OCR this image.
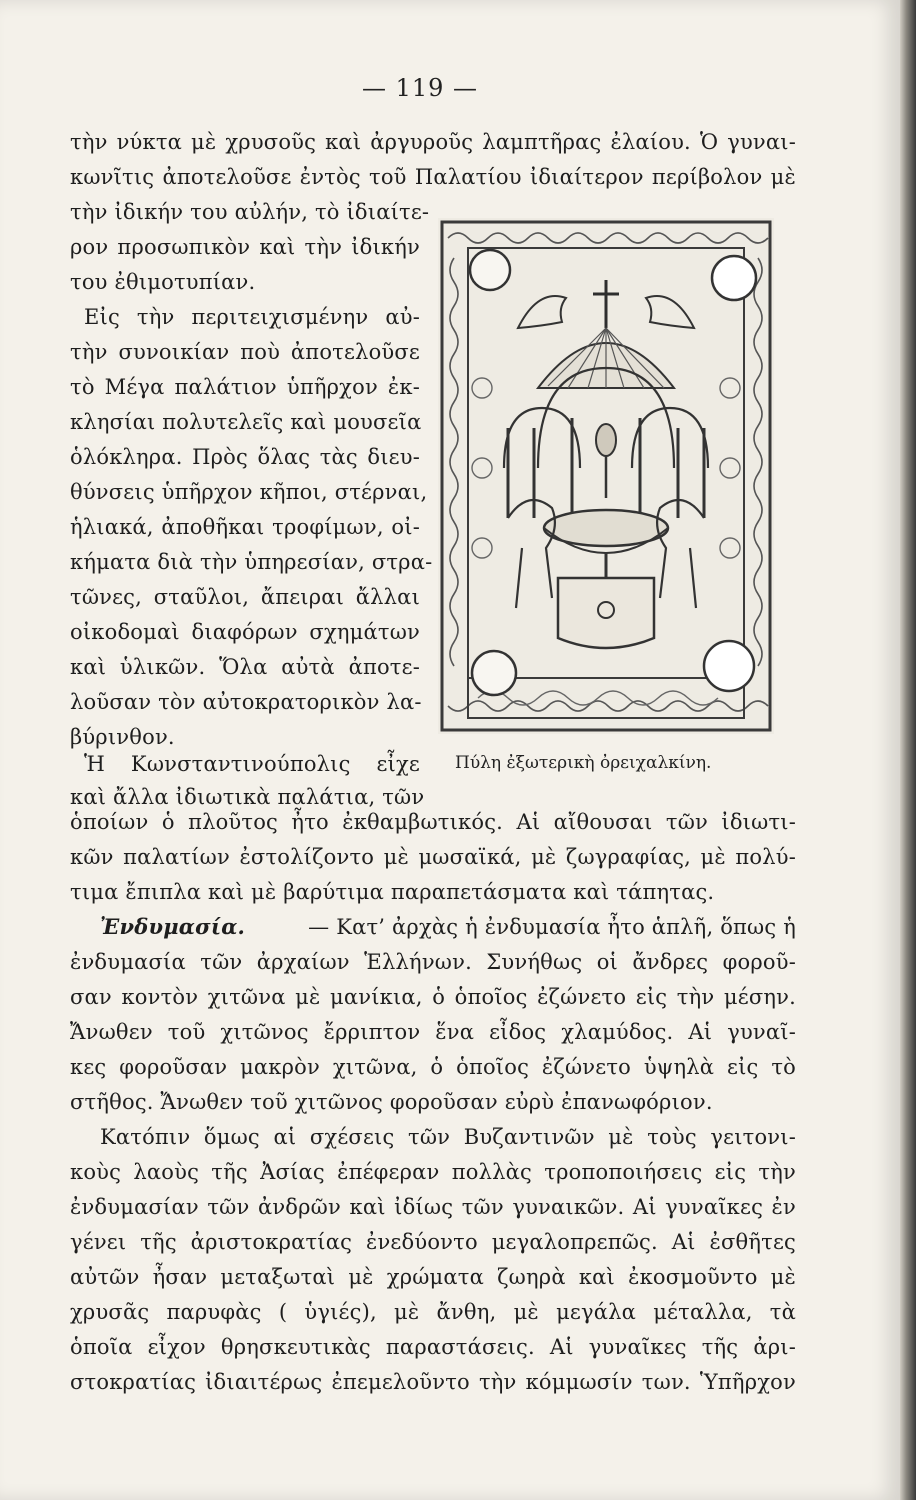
— 119 —
τὴν νύκτα μὲ χρυσοῦς καὶ ἀργυροῦς λαμπτῆρας ἐλαίου. Ὁ γυναι-
κωνῖτις ἀποτελοῦσε ἐντὸς τοῦ Παλατίου ἰδιαίτερον περίβολον μὲ
τὴν ἰδικήν του αὐλήν, τὸ ἰδιαίτε-
ρον προσωπικὸν καὶ τὴν ἰδικήν
του ἐθιμοτυπίαν.
Εἰς τὴν περιτειχισμένην αὐ-
τὴν συνοικίαν ποὺ ἀποτελοῦσε
τὸ Μέγα παλάτιον ὑπῆρχον ἐκ-
κλησίαι πολυτελεῖς καὶ μουσεῖα
ὁλόκληρα. Πρὸς ὅλας τὰς διευ-
θύνσεις ὑπῆρχον κῆποι, στέρναι,
ἡλιακά, ἀποθῆκαι τροφίμων, οἰ-
κήματα διὰ τὴν ὑπηρεσίαν, στρα-
τῶνες, σταῦλοι, ἄπειραι ἄλλαι
οἰκοδομαὶ διαφόρων σχημάτων
καὶ ὑλικῶν. Ὅλα αὐτὰ ἀποτε-
λοῦσαν τὸν αὐτοκρατορικὸν λα-
βύρινθον.
Ἡ Κωνσταντινούπολις εἶχε
καὶ ἄλλα ἰδιωτικὰ παλάτια, τῶν
Πύλη ἐξωτερικὴ ὀρειχαλκίνη.
ὁποίων ὁ πλοῦτος ἦτο ἐκθαμβωτικός. Αἱ αἴθουσαι τῶν ἰδιωτι-
κῶν παλατίων ἐστολίζοντο μὲ μωσαϊκά, μὲ ζωγραφίας, μὲ πολύ-
τιμα ἔπιπλα καὶ μὲ βαρύτιμα παραπετάσματα καὶ τάπητας.
Ἐνδυμασία.	— Κατ’ ἀρχὰς ἡ ἐνδυμασία ἦτο ἁπλῆ, ὅπως ἡ
ἐνδυμασία τῶν ἀρχαίων Ἑλλήνων. Συνήθως οἱ ἄνδρες φοροῦ-
σαν κοντὸν χιτῶνα μὲ μανίκια, ὁ ὁποῖος ἐζώνετο εἰς τὴν μέσην.
Ἄνωθεν τοῦ χιτῶνος ἔρριπτον ἕνα εἶδος χλαμύδος. Αἱ γυναῖ-
κες φοροῦσαν μακρὸν χιτῶνα, ὁ ὁποῖος ἐζώνετο ὑψηλὰ εἰς τὸ
στῆθος. Ἄνωθεν τοῦ χιτῶνος φοροῦσαν εὐρὺ ἐπανωφόριον.
Κατόπιν ὅμως αἱ σχέσεις τῶν Βυζαντινῶν μὲ τοὺς γειτονι-
κοὺς λαοὺς τῆς Ἀσίας ἐπέφεραν πολλὰς τροποποιήσεις εἰς τὴν
ἐνδυμασίαν τῶν ἀνδρῶν καὶ ἰδίως τῶν γυναικῶν. Αἱ γυναῖκες ἐν
γένει τῆς ἀριστοκρατίας ἐνεδύοντο μεγαλοπρεπῶς. Αἱ ἐσθῆτες
αὐτῶν ἦσαν μεταξωταὶ μὲ χρώματα ζωηρὰ καὶ ἐκοσμοῦντο μὲ
χρυσᾶς παρυφὰς ( ὑγιές), μὲ ἄνθη, μὲ μεγάλα μέταλλα, τὰ
ὁποῖα εἶχον θρησκευτικὰς παραστάσεις. Αἱ γυναῖκες τῆς ἀρι-
στοκρατίας ἰδιαιτέρως ἐπεμελοῦντο τὴν κόμμωσίν των. Ὑπῆρχον
